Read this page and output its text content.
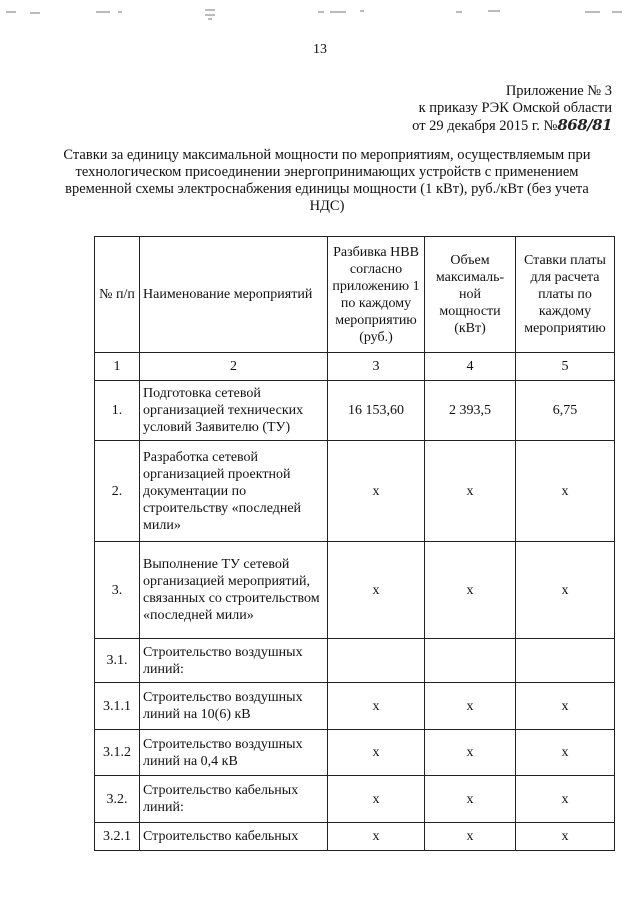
13
Приложение № 3
к приказу РЭК Омской области
от 29 декабря 2015 г. №868/81
Ставки за единицу максимальной мощности по мероприятиям, осуществляемым при технологическом присоединении энергопринимающих устройств с применением временной схемы электроснабжения единицы мощности (1 кВт), руб./кВт (без учета НДС)
№ п/п	Наименование мероприятий	Разбивка НВВ согласно приложению 1 по каждому мероприятию (руб.)	Объем максималь-ной мощности (кВт)	Ставки платы для расчета платы по каждому мероприятию
1	2	3	4	5
1.	Подготовка сетевой организацией технических условий Заявителю (ТУ)	16 153,60	2 393,5	6,75
2.	Разработка сетевой организацией проектной документации по строительству «последней мили»	х	х	х
3.	Выполнение ТУ сетевой организацией мероприятий, связанных со строительством «последней мили»	х	х	х
3.1.	Строительство воздушных линий:			
3.1.1	Строительство воздушных линий на 10(6) кВ	х	х	х
3.1.2	Строительство воздушных линий на 0,4 кВ	х	х	х
3.2.	Строительство кабельных линий:	х	х	х
3.2.1	Строительство кабельных	х	х	х
